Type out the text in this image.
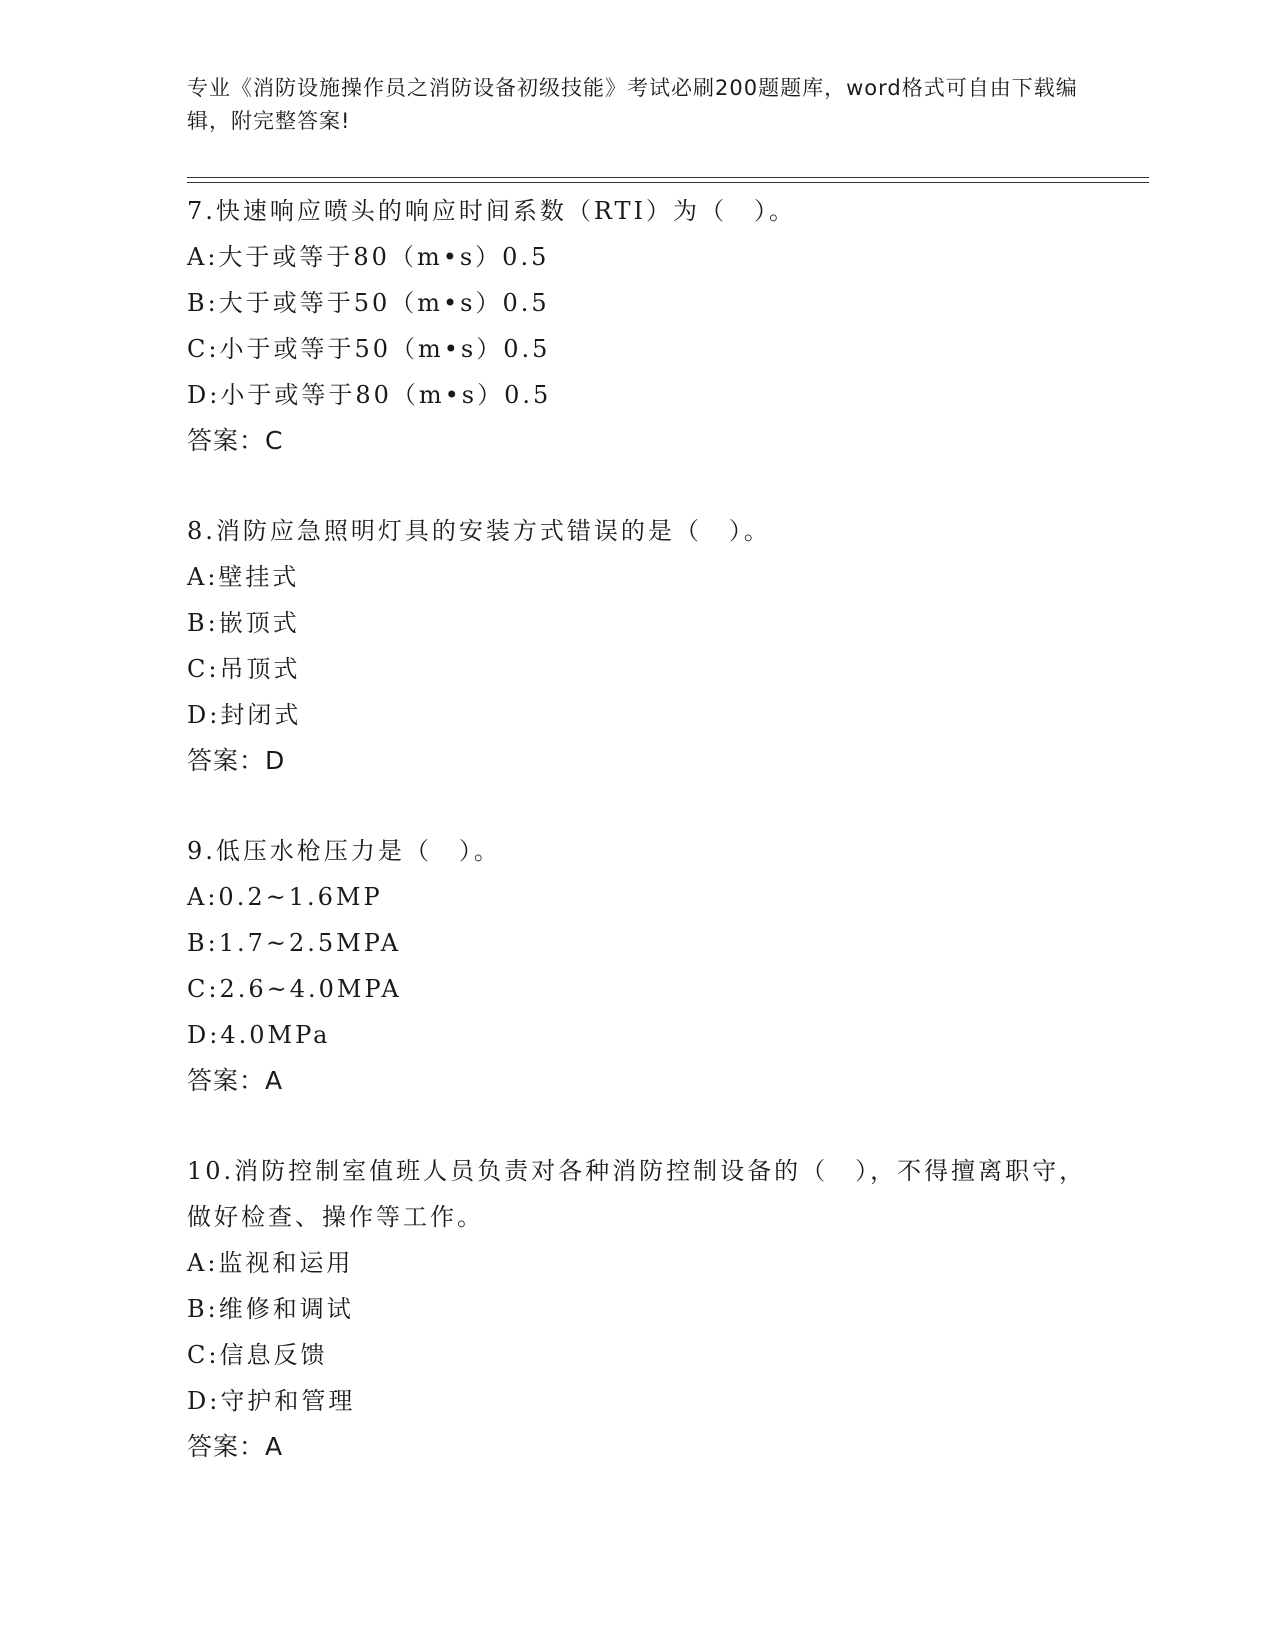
专业《消防设施操作员之消防设备初级技能》考试必刷200题题库，word格式可自由下载编辑，附完整答案!

7.快速响应喷头的响应时间系数（RTI）为（　）。

A:大于或等于80（m•s）0.5

B:大于或等于50（m•s）0.5

C:小于或等于50（m•s）0.5

D:小于或等于80（m•s）0.5

答案：C

8.消防应急照明灯具的安装方式错误的是（　）。

A:壁挂式

B:嵌顶式

C:吊顶式

D:封闭式

答案：D

9.低压水枪压力是（　）。

A:0.2~1.6MP

B:1.7~2.5MPA

C:2.6~4.0MPA

D:4.0MPa

答案：A

10.消防控制室值班人员负责对各种消防控制设备的（　），不得擅离职守，做好检查、操作等工作。

A:监视和运用

B:维修和调试

C:信息反馈

D:守护和管理

答案：A
